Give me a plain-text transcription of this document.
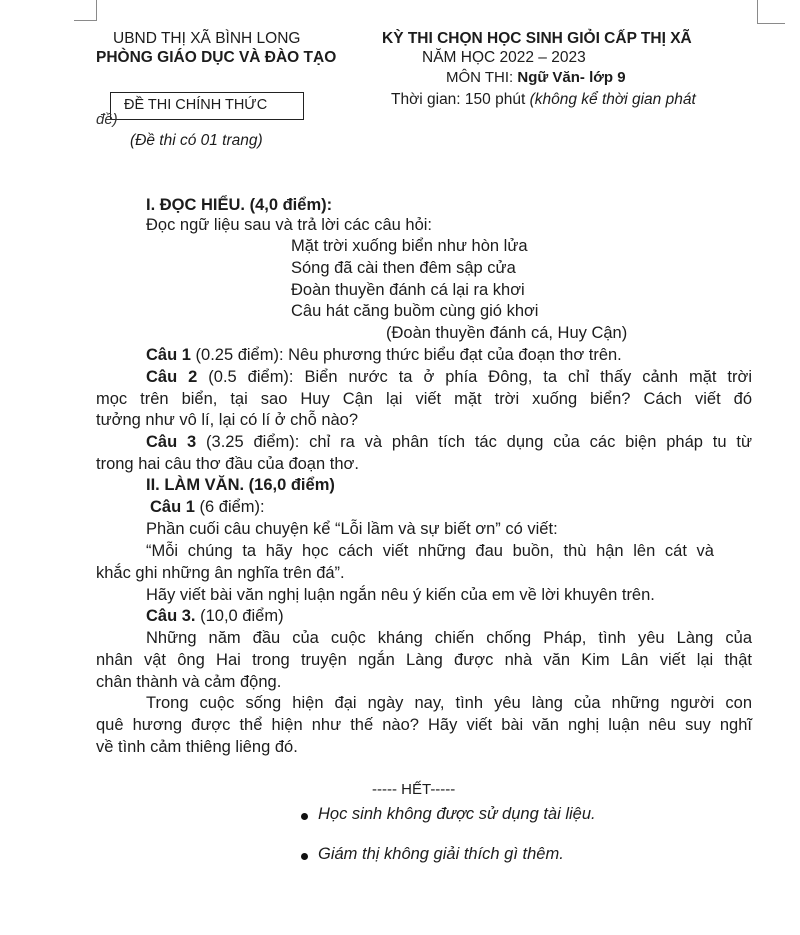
UBND THỊ XÃ BÌNH LONG
PHÒNG GIÁO DỤC VÀ ĐÀO TẠO
ĐỀ THI CHÍNH THỨC
đề)
(Đề thi có 01 trang)
KỲ THI CHỌN HỌC SINH GIỎI CẤP THỊ XÃ
NĂM HỌC 2022 – 2023
MÔN THI: Ngữ Văn- lớp 9
Thời gian: 150 phút (không kể thời gian phát
I. ĐỌC HIỂU. (4,0 điểm):
Đọc ngữ liệu sau và trả lời các câu hỏi:
Mặt trời xuống biển như hòn lửa
Sóng đã cài then đêm sập cửa
Đoàn thuyền đánh cá lại ra khơi
Câu hát căng buồm cùng gió khơi
(Đoàn thuyền đánh cá, Huy Cận)
Câu 1 (0.25 điểm): Nêu phương thức biểu đạt của đoạn thơ trên.
Câu 2 (0.5 điểm): Biển nước ta ở phía Đông, ta chỉ thấy cảnh mặt trời
mọc trên biển, tại sao Huy Cận lại viết mặt trời xuống biển? Cách viết đó
tưởng như vô lí, lại có lí ở chỗ nào?
Câu 3 (3.25 điểm): chỉ ra và phân tích tác dụng của các biện pháp tu từ
trong hai câu thơ đầu của đoạn thơ.
II. LÀM VĂN. (16,0 điểm)
Câu 1 (6 điểm):
Phần cuối câu chuyện kể “Lỗi lầm và sự biết ơn” có viết:
“Mỗi chúng ta hãy học cách viết những đau buồn, thù hận lên cát và
khắc ghi những ân nghĩa trên đá”.
Hãy viết bài văn nghị luận ngắn nêu ý kiến của em về lời khuyên trên.
Câu 3. (10,0 điểm)
Những năm đầu của cuộc kháng chiến chống Pháp, tình yêu Làng của
nhân vật ông Hai trong truyện ngắn Làng được nhà văn Kim Lân viết lại thật
chân thành và cảm động.
Trong cuộc sống hiện đại ngày nay, tình yêu làng của những người con
quê hương được thể hiện như thế nào? Hãy viết bài văn nghị luận nêu suy nghĩ
về tình cảm thiêng liêng đó.
----- HẾT-----
Học sinh không được sử dụng tài liệu.
Giám thị không giải thích gì thêm.
